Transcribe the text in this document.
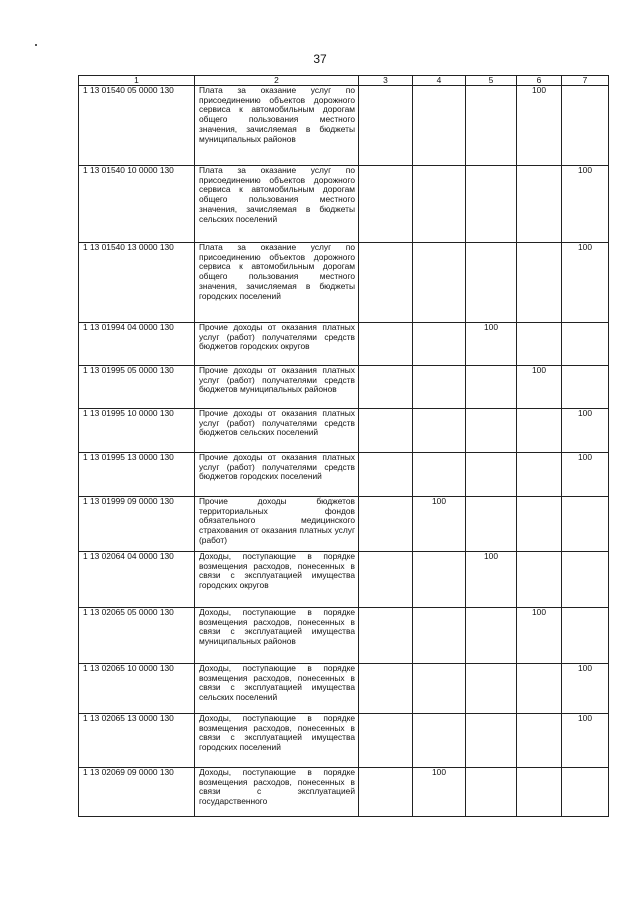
37
1	2	3	4	5	6	7
1 13 01540 05 0000 130	Плата за оказание услуг по присоединению объектов дорожного сервиса к автомобильным дорогам общего пользования местного значения, зачисляемая в бюджеты муниципальных районов				100	
1 13 01540 10 0000 130	Плата за оказание услуг по присоединению объектов дорожного сервиса к автомобильным дорогам общего пользования местного значения, зачисляемая в бюджеты сельских поселений					100
1 13 01540 13 0000 130	Плата за оказание услуг по присоединению объектов дорожного сервиса к автомобильным дорогам общего пользования местного значения, зачисляемая в бюджеты городских поселений					100
1 13 01994 04 0000 130	Прочие доходы от оказания платных услуг (работ) получателями средств бюджетов городских округов			100		
1 13 01995 05 0000 130	Прочие доходы от оказания платных услуг (работ) получателями средств бюджетов муниципальных районов				100	
1 13 01995 10 0000 130	Прочие доходы от оказания платных услуг (работ) получателями средств бюджетов сельских поселений					100
1 13 01995 13 0000 130	Прочие доходы от оказания платных услуг (работ) получателями средств бюджетов городских поселений					100
1 13 01999 09 0000 130	Прочие доходы бюджетов территориальных фондов обязательного медицинского страхования от оказания платных услуг (работ)		100			
1 13 02064 04 0000 130	Доходы, поступающие в порядке возмещения расходов, понесенных в связи с эксплуатацией имущества городских округов			100		
1 13 02065 05 0000 130	Доходы, поступающие в порядке возмещения расходов, понесенных в связи с эксплуатацией имущества муниципальных районов				100	
1 13 02065 10 0000 130	Доходы, поступающие в порядке возмещения расходов, понесенных в связи с эксплуатацией имущества сельских поселений					100
1 13 02065 13 0000 130	Доходы, поступающие в порядке возмещения расходов, понесенных в связи с эксплуатацией имущества городских поселений					100
1 13 02069 09 0000 130	Доходы, поступающие в порядке возмещения расходов, понесенных в связи с эксплуатацией государственного		100			
